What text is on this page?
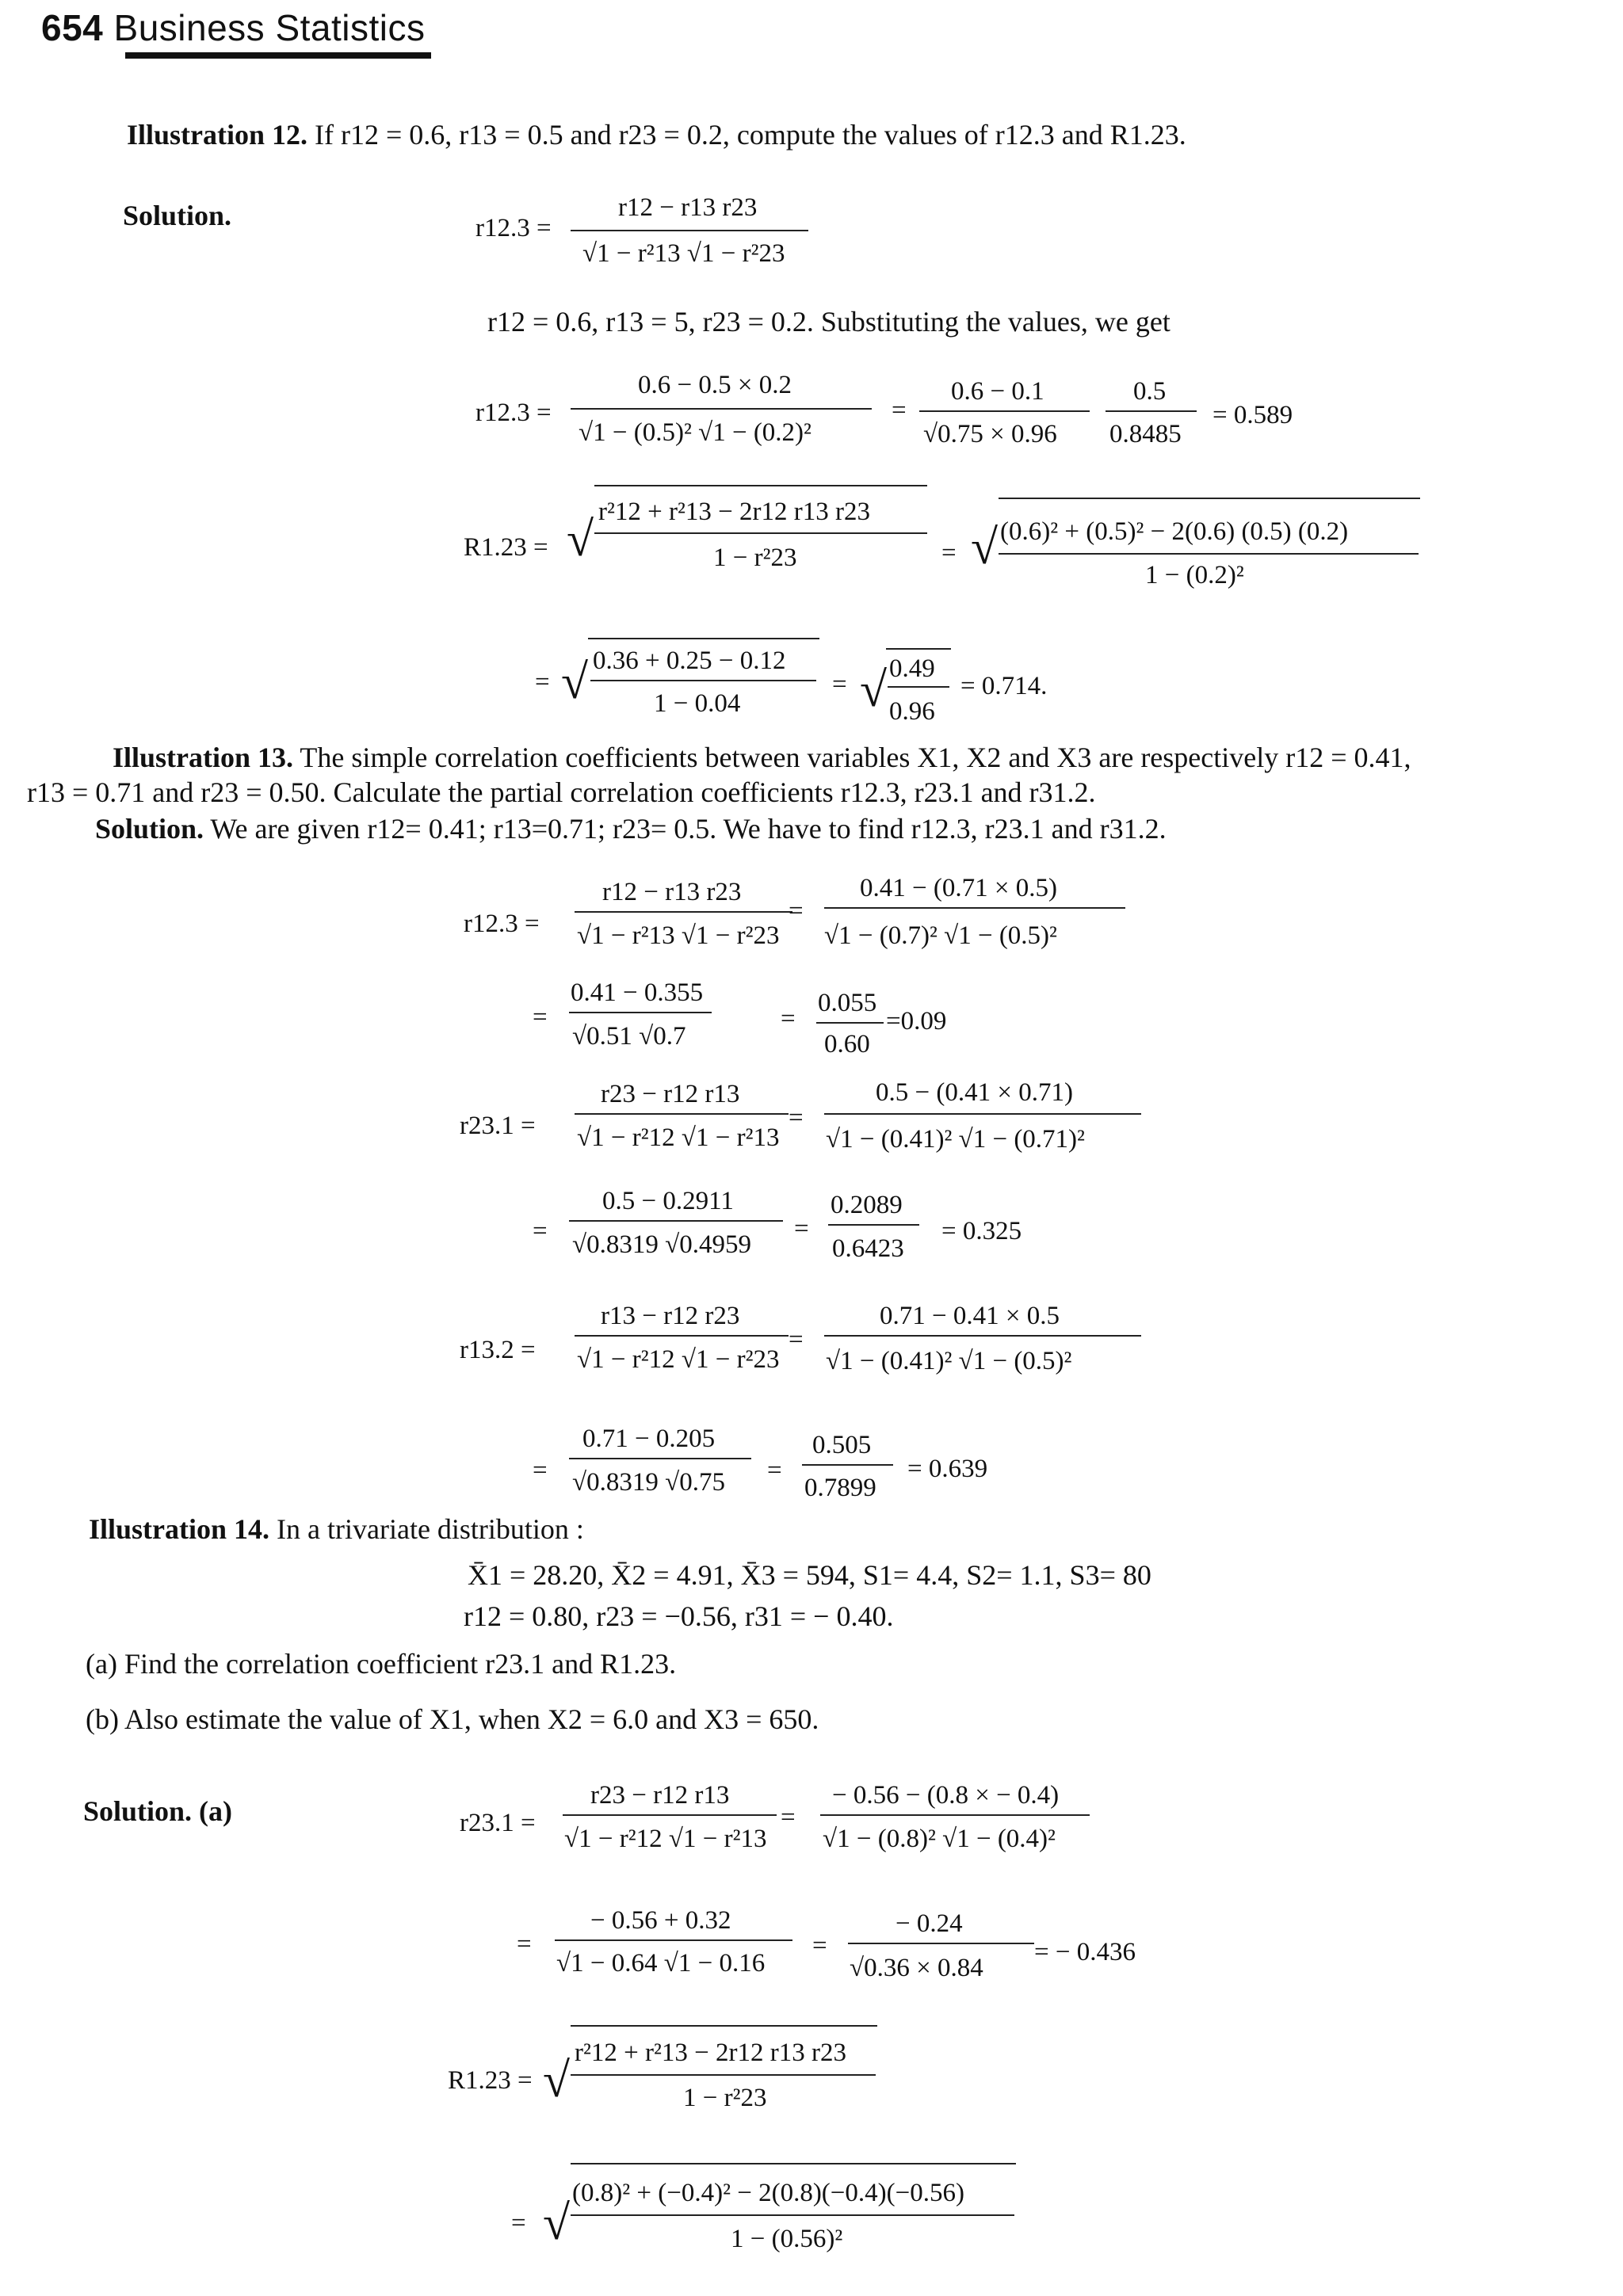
654 Business Statistics
Illustration 12. If r12 = 0.6, r13 = 0.5 and r23 = 0.2, compute the values of r12.3 and R1.23.
Solution.	r12.3 =
r12 − r13 r23
√1 − r²13 √1 − r²23
r12 = 0.6, r13 = 5, r23 = 0.2. Substituting the values, we get
r12.3 =
0.6 − 0.5 × 0.2
√1 − (0.5)² √1 − (0.2)²
=
0.6 − 0.1
√0.75 × 0.96
0.5
0.8485
= 0.589
R1.23 = √
r²12 + r²13 − 2r12 r13 r23
1 − r²23	= √ (0.6)² + (0.5)² − 2(0.6) (0.5) (0.2)
1 − (0.2)²
= √ 0.36 + 0.25 − 0.12
1 − 0.04
= √ 0.49
0.96
= 0.714.
Illustration 13. The simple correlation coefficients between variables X1, X2 and X3 are respectively r12 = 0.41,
r13 = 0.71 and r23 = 0.50. Calculate the partial correlation coefficients r12.3, r23.1 and r31.2.
Solution. We are given r12= 0.41; r13=0.71; r23= 0.5. We have to find r12.3, r23.1 and r31.2.
r12.3 =
r12 − r13 r23
√1 − r²13 √1 − r²23
=
0.41 − (0.71 × 0.5)
√1 − (0.7)² √1 − (0.5)²
=
0.41 − 0.355
√0.51 √0.7
=
0.055
0.60
=0.09
r23.1 =
r23 − r12 r13
√1 − r²12 √1 − r²13
=
0.5 − (0.41 × 0.71)
√1 − (0.41)² √1 − (0.71)²
=
0.5 − 0.2911
√0.8319 √0.4959
=
0.2089
0.6423
= 0.325
r13.2 =
r13 − r12 r23
√1 − r²12 √1 − r²23
=
0.71 − 0.41 × 0.5
√1 − (0.41)² √1 − (0.5)²
=
0.71 − 0.205
√0.8319 √0.75 =
0.505
0.7899
= 0.639
Illustration 14. In a trivariate distribution :
X̄1 = 28.20, X̄2 = 4.91, X̄3 = 594, S1= 4.4, S2= 1.1, S3= 80
r12 = 0.80, r23 = −0.56, r31 = − 0.40.
(a) Find the correlation coefficient r23.1 and R1.23.
(b) Also estimate the value of X1, when X2 = 6.0 and X3 = 650.
Solution. (a)	r23.1 =
r23 − r12 r13
√1 − r²12 √1 − r²13
=
− 0.56 − (0.8 × − 0.4)
√1 − (0.8)² √1 − (0.4)²
=
− 0.56 + 0.32
√1 − 0.64 √1 − 0.16
=
− 0.24
√0.36 × 0.84
= − 0.436
R1.23 = √
r²12 + r²13 − 2r12 r13 r23
1 − r²23
= √
(0.8)² + (−0.4)² − 2(0.8)(−0.4)(−0.56)
1 − (0.56)²
